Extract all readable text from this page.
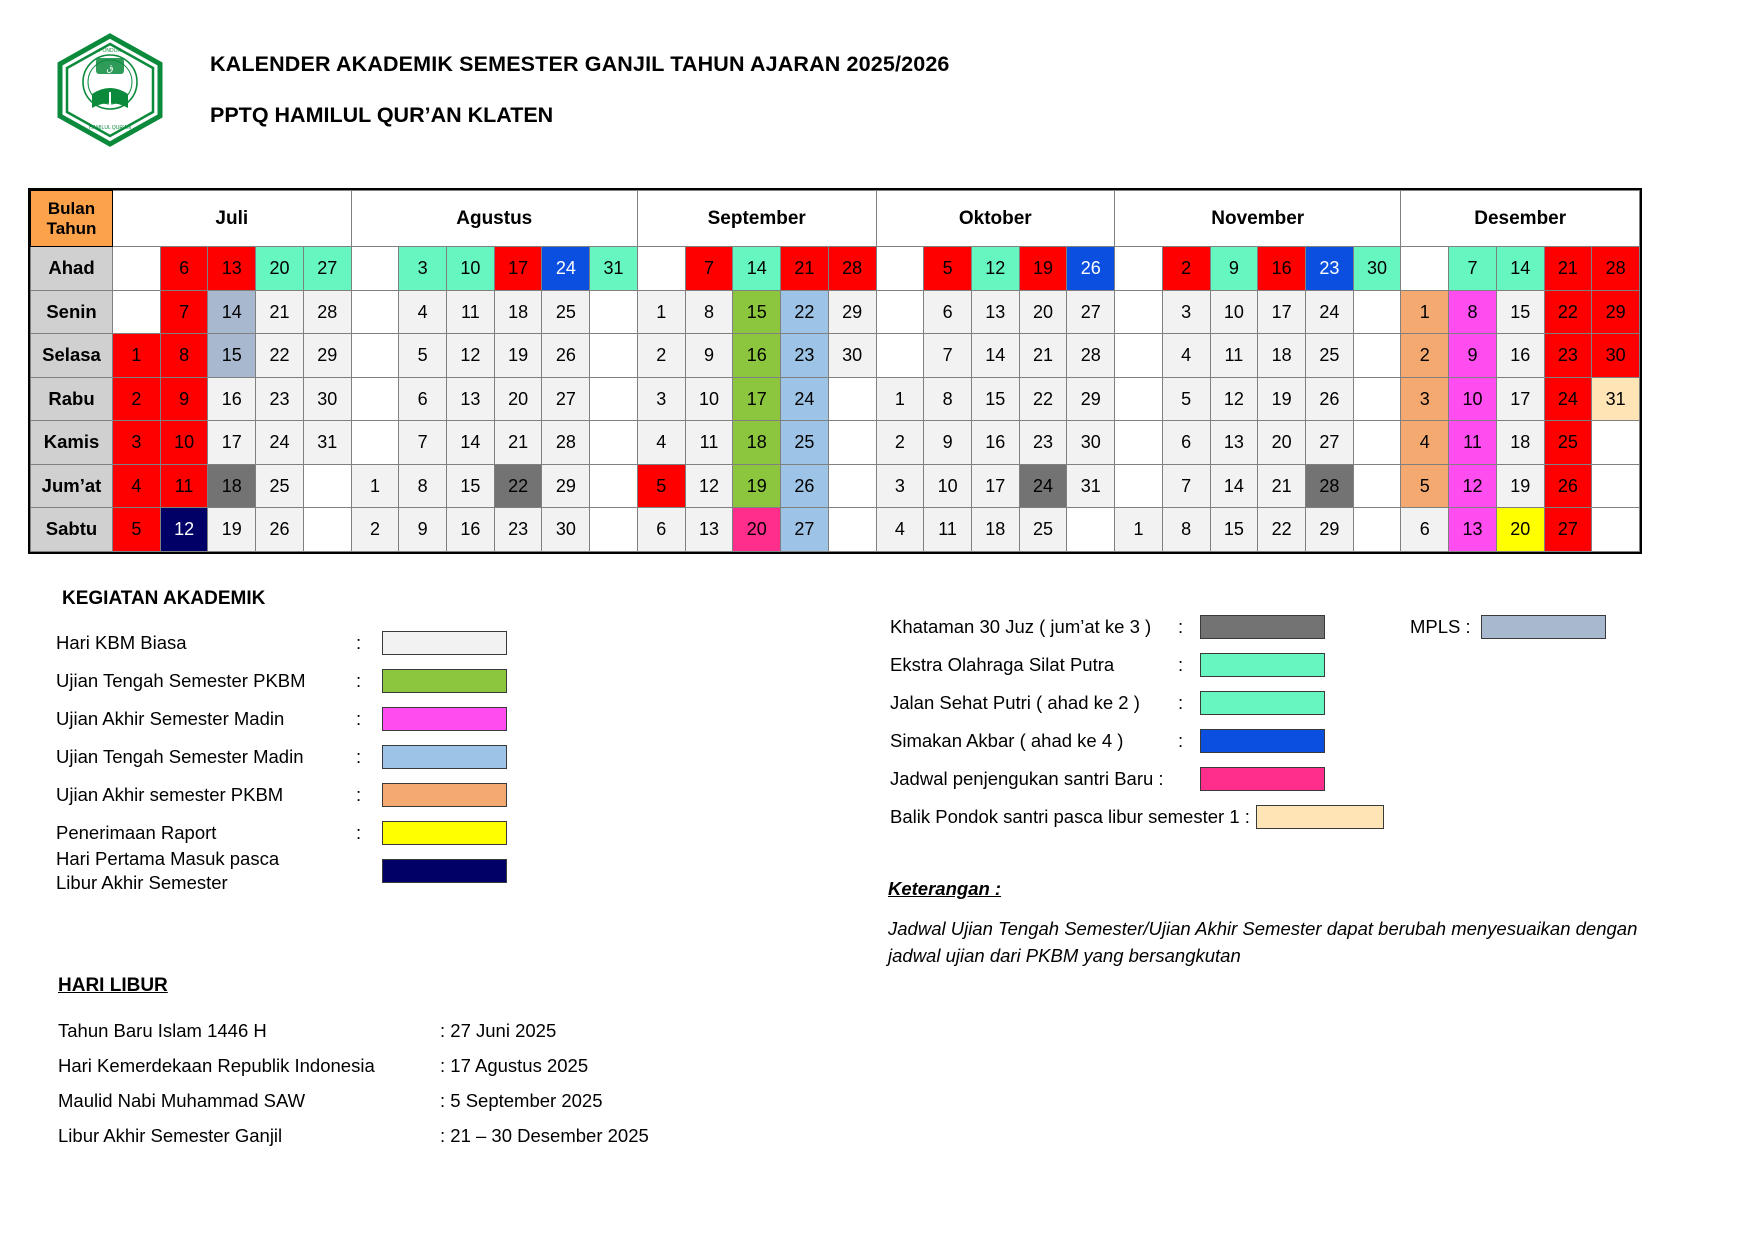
ق
PONDOK
HAMILUL QUR'AN
KALENDER AKADEMIK SEMESTER GANJIL TAHUN AJARAN 2025/2026
PPTQ HAMILUL QUR’AN KLATEN
Bulan
Tahun	Juli					Agustus						September					Oktober					November						Desember				
Ahad		6	13	20	27		3	10	17	24	31		7	14	21	28		5	12	19	26		2	9	16	23	30		7	14	21	28
Senin		7	14	21	28		4	11	18	25		1	8	15	22	29		6	13	20	27		3	10	17	24		1	8	15	22	29
Selasa	1	8	15	22	29		5	12	19	26		2	9	16	23	30		7	14	21	28		4	11	18	25		2	9	16	23	30
Rabu	2	9	16	23	30		6	13	20	27		3	10	17	24		1	8	15	22	29		5	12	19	26		3	10	17	24	31
Kamis	3	10	17	24	31		7	14	21	28		4	11	18	25		2	9	16	23	30		6	13	20	27		4	11	18	25	
Jum’at	4	11	18	25		1	8	15	22	29		5	12	19	26		3	10	17	24	31		7	14	21	28		5	12	19	26	
Sabtu	5	12	19	26		2	9	16	23	30		6	13	20	27		4	11	18	25		1	8	15	22	29		6	13	20	27	
KEGIATAN AKADEMIK
Hari KBM Biasa	:
Ujian Tengah Semester PKBM	:
Ujian Akhir Semester Madin	:
Ujian Tengah Semester Madin	:
Ujian Akhir semester PKBM	:
Penerimaan Raport	:
Hari Pertama Masuk pasca
Libur Akhir Semester
Khataman 30 Juz ( jum’at ke 3 )	:
Ekstra Olahraga Silat Putra	:
Jalan Sehat Putri ( ahad ke 2 )	:
Simakan Akbar ( ahad ke 4 )	:
Jadwal penjengukan santri Baru :
MPLS :
Balik Pondok santri pasca libur semester 1 :
Keterangan :
Jadwal Ujian Tengah Semester/Ujian Akhir Semester dapat berubah menyesuaikan dengan jadwal ujian dari PKBM yang bersangkutan
HARI LIBUR
Tahun Baru Islam 1446 H	: 27 Juni 2025
Hari Kemerdekaan Republik Indonesia	: 17 Agustus 2025
Maulid Nabi Muhammad SAW	: 5 September 2025
Libur Akhir Semester Ganjil	: 21 – 30 Desember 2025
